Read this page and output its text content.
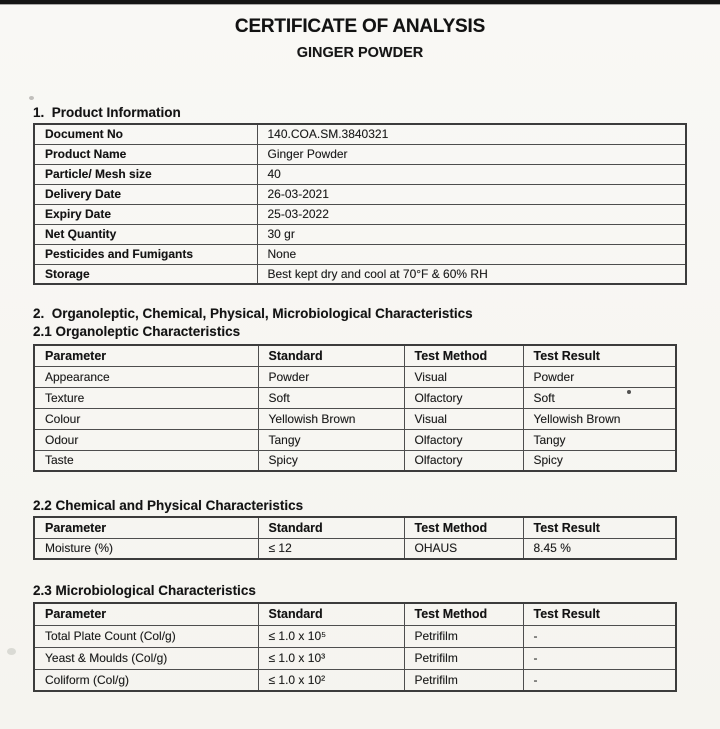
CERTIFICATE OF ANALYSIS
GINGER POWDER
1.  Product Information
Document No	140.COA.SM.3840321
Product Name	Ginger Powder
Particle/ Mesh size	40
Delivery Date	26-03-2021
Expiry Date	25-03-2022
Net Quantity	30 gr
Pesticides and Fumigants	None
Storage	Best kept dry and cool at 70°F & 60% RH
2.  Organoleptic, Chemical, Physical, Microbiological Characteristics
2.1 Organoleptic Characteristics
Parameter	Standard	Test Method	Test Result
Appearance	Powder	Visual	Powder
Texture	Soft	Olfactory	Soft
Colour	Yellowish Brown	Visual	Yellowish Brown
Odour	Tangy	Olfactory	Tangy
Taste	Spicy	Olfactory	Spicy
2.2 Chemical and Physical Characteristics
Parameter	Standard	Test Method	Test Result
Moisture (%)	≤ 12	OHAUS	8.45 %
2.3 Microbiological Characteristics
Parameter	Standard	Test Method	Test Result
Total Plate Count (Col/g)	≤ 1.0 x 10⁵	Petrifilm	-
Yeast & Moulds (Col/g)	≤ 1.0 x 10³	Petrifilm	-
Coliform (Col/g)	≤ 1.0 x 10²	Petrifilm	-
